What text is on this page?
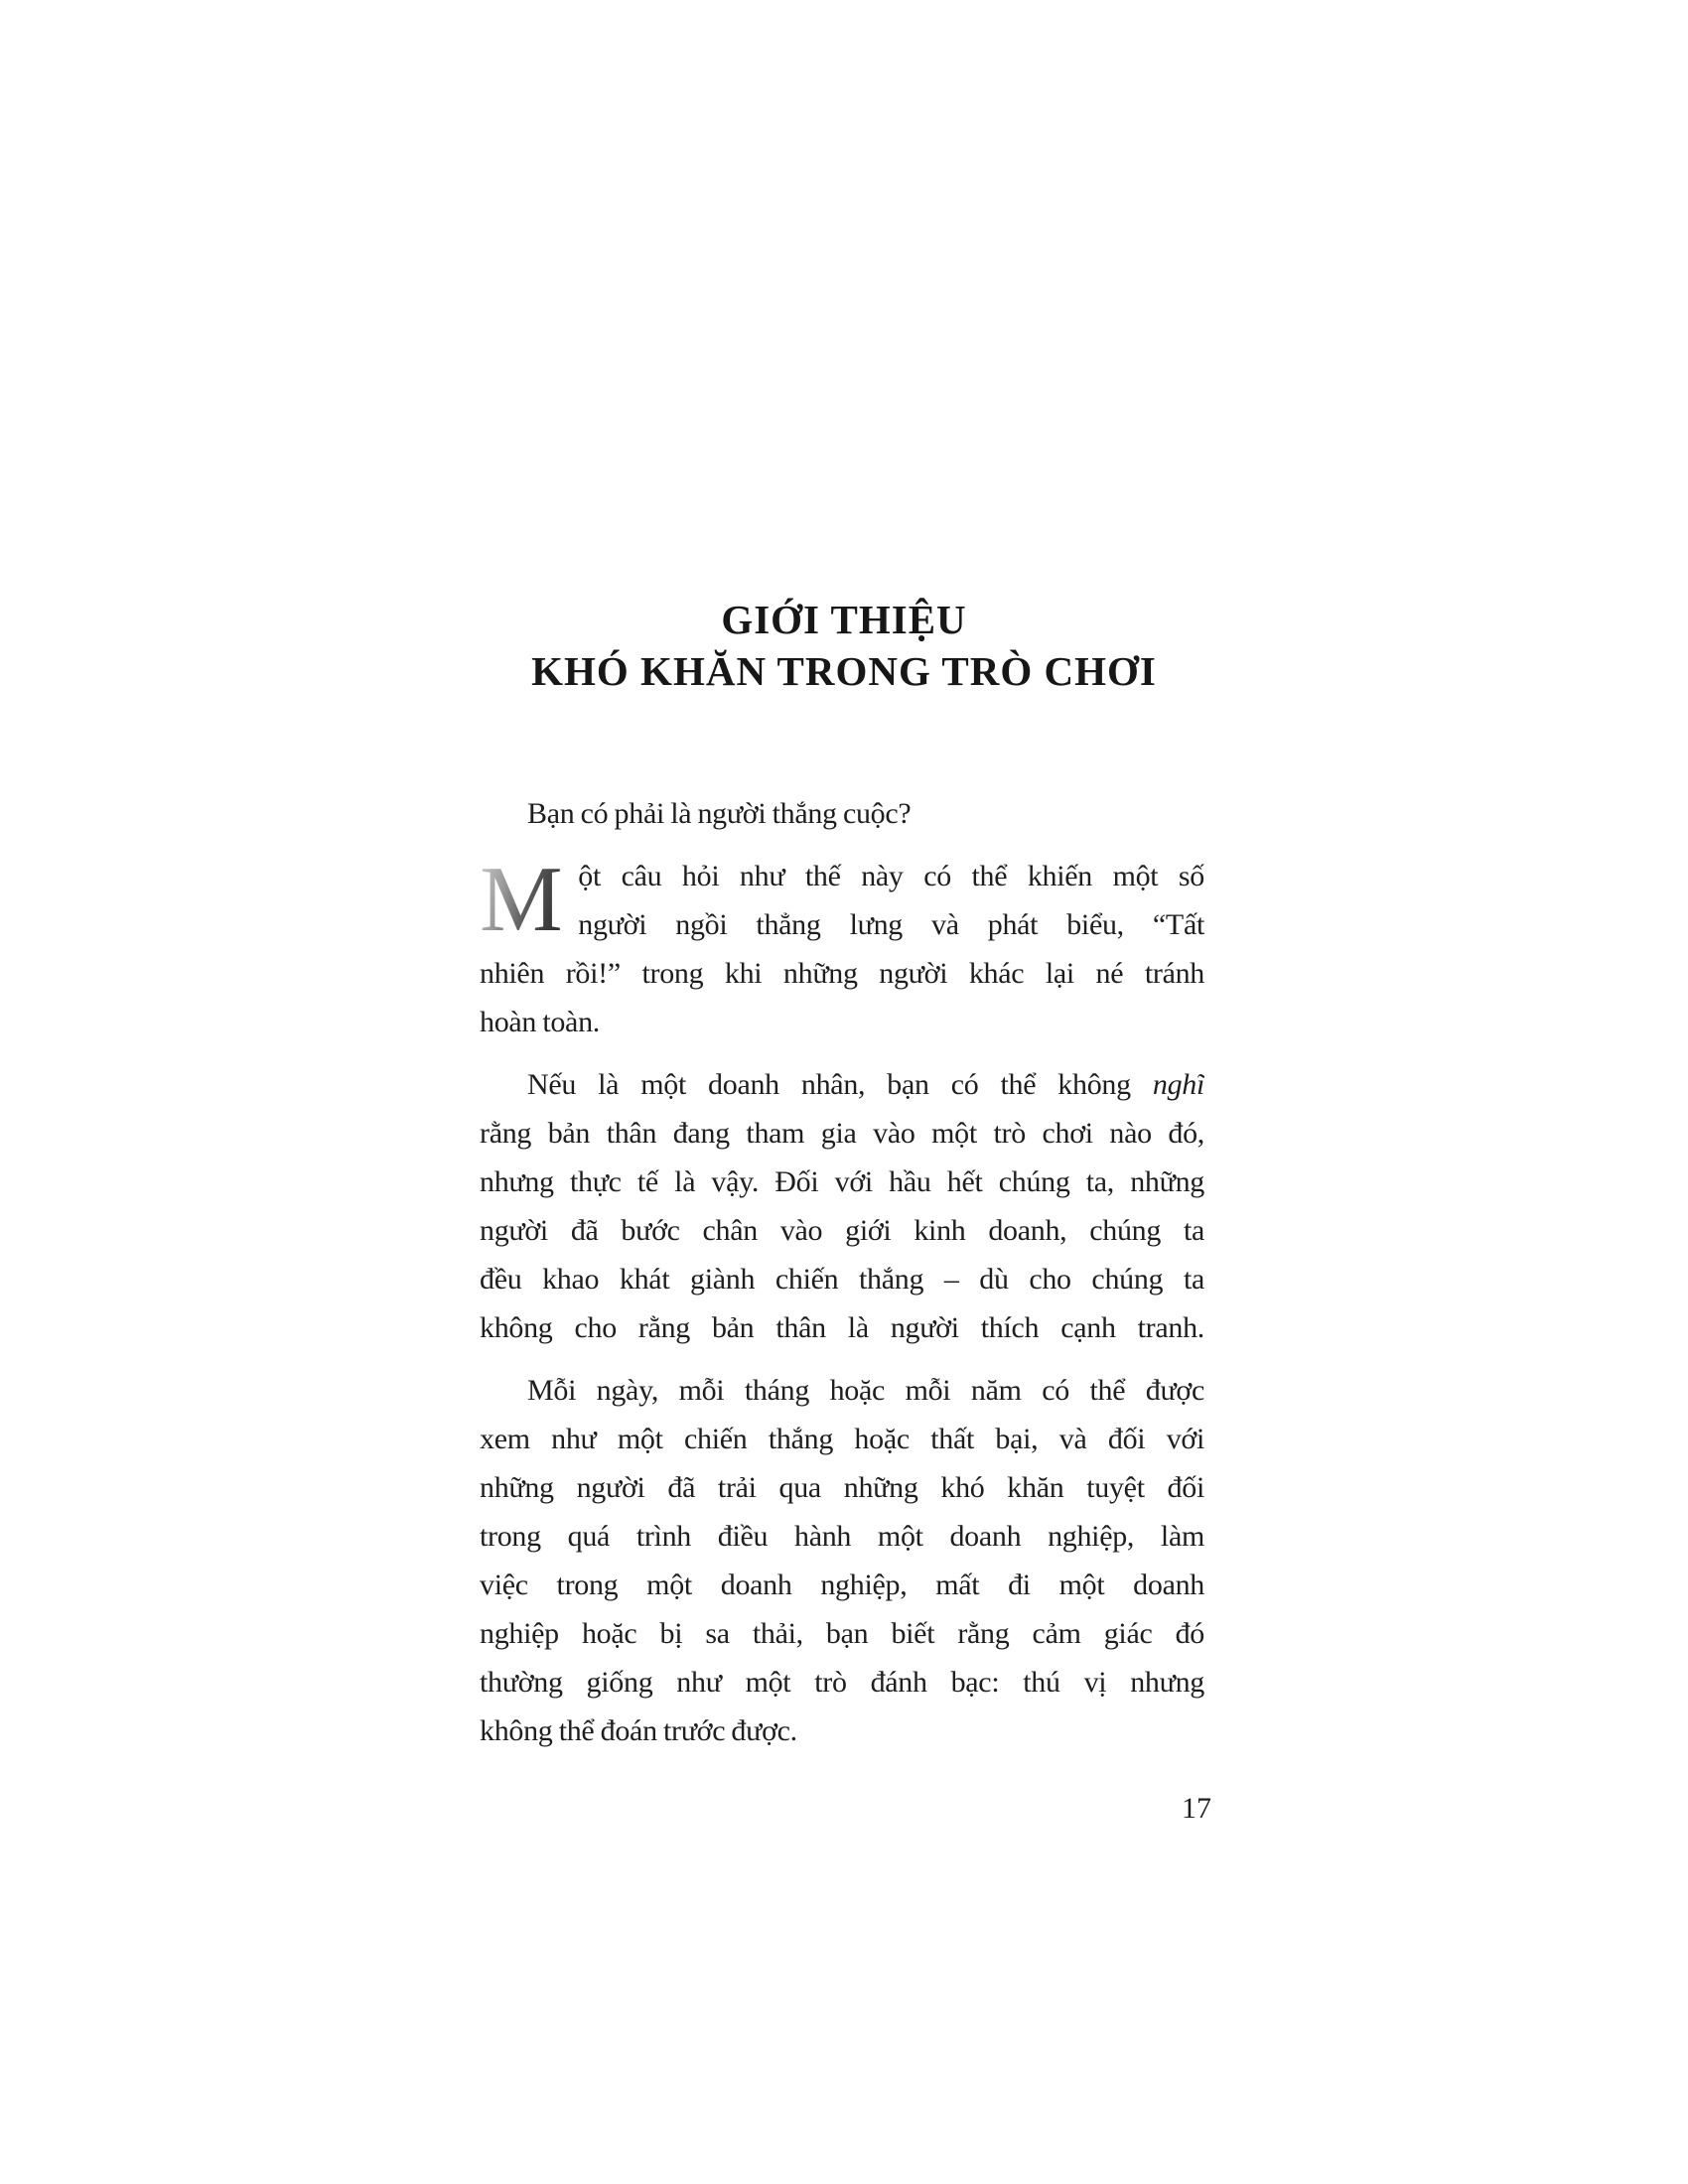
GIỚI THIỆU
KHÓ KHĂN TRONG TRÒ CHƠI
Bạn có phải là người thắng cuộc?
M ột câu hỏi như thế này có thể khiến một số
người ngồi thẳng lưng và phát biểu, “Tất
nhiên rồi!” trong khi những người khác lại né tránh
hoàn toàn.
Nếu là một doanh nhân, bạn có thể không nghĩ
rằng bản thân đang tham gia vào một trò chơi nào đó,
nhưng thực tế là vậy. Đối với hầu hết chúng ta, những
người đã bước chân vào giới kinh doanh, chúng ta
đều khao khát giành chiến thắng – dù cho chúng ta
không cho rằng bản thân là người thích cạnh tranh.
Mỗi ngày, mỗi tháng hoặc mỗi năm có thể được
xem như một chiến thắng hoặc thất bại, và đối với
những người đã trải qua những khó khăn tuyệt đối
trong quá trình điều hành một doanh nghiệp, làm
việc trong một doanh nghiệp, mất đi một doanh
nghiệp hoặc bị sa thải, bạn biết rằng cảm giác đó
thường giống như một trò đánh bạc: thú vị nhưng
không thể đoán trước được.
17
